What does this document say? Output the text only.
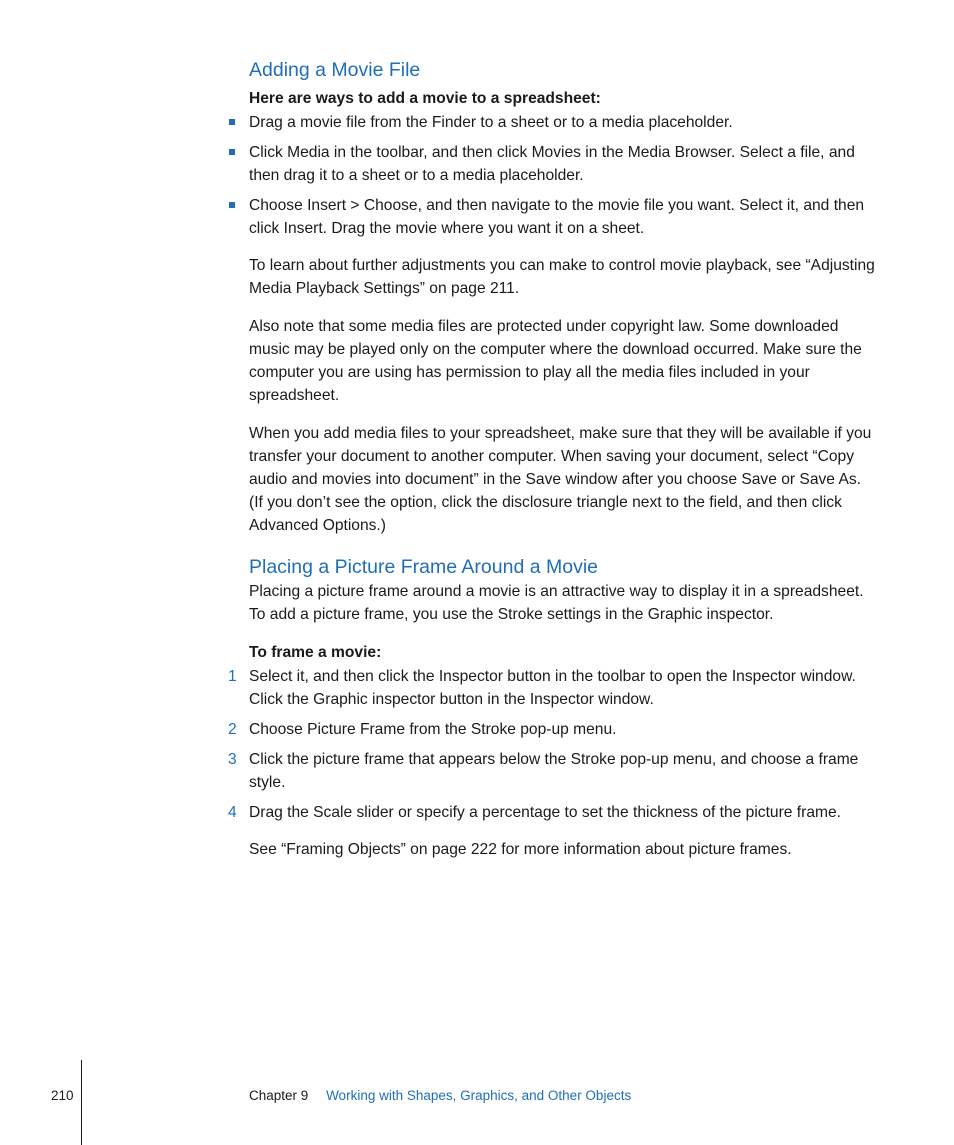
Adding a Movie File

Here are ways to add a movie to a spreadsheet:

Drag a movie file from the Finder to a sheet or to a media placeholder.
Click Media in the toolbar, and then click Movies in the Media Browser. Select a file, and then drag it to a sheet or to a media placeholder.
Choose Insert > Choose, and then navigate to the movie file you want. Select it, and then click Insert. Drag the movie where you want it on a sheet.

To learn about further adjustments you can make to control movie playback, see “Adjusting Media Playback Settings” on page 211.

Also note that some media files are protected under copyright law. Some downloaded music may be played only on the computer where the download occurred. Make sure the computer you are using has permission to play all the media files included in your spreadsheet.

When you add media files to your spreadsheet, make sure that they will be available if you transfer your document to another computer. When saving your document, select “Copy audio and movies into document” in the Save window after you choose Save or Save As. (If you don’t see the option, click the disclosure triangle next to the field, and then click Advanced Options.)

Placing a Picture Frame Around a Movie

Placing a picture frame around a movie is an attractive way to display it in a spreadsheet. To add a picture frame, you use the Stroke settings in the Graphic inspector.

To frame a movie:

1 Select it, and then click the Inspector button in the toolbar to open the Inspector window. Click the Graphic inspector button in the Inspector window.
2 Choose Picture Frame from the Stroke pop-up menu.
3 Click the picture frame that appears below the Stroke pop-up menu, and choose a frame style.
4 Drag the Scale slider or specify a percentage to set the thickness of the picture frame.

See “Framing Objects” on page 222 for more information about picture frames.

210	Chapter 9 Working with Shapes, Graphics, and Other Objects
